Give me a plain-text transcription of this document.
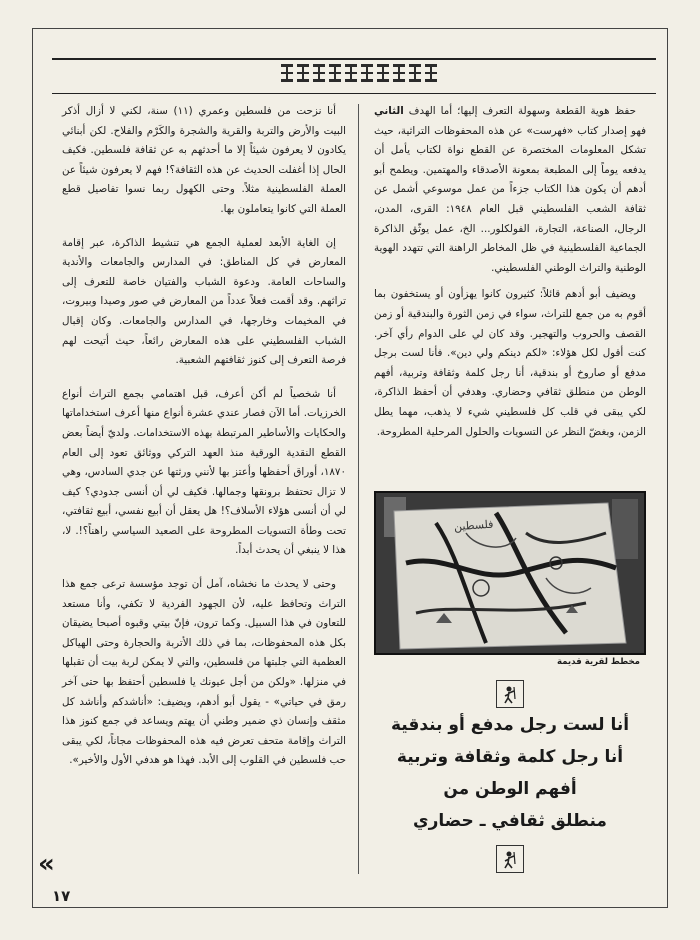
حفظ هوية القطعة وسهولة التعرف إليها؛ أما الهدف الثاني فهو إصدار كتاب «فهرست» عن هذه المحفوظات التراثية، حيث تشكل المعلومات المختصرة عن القطع نواة لكتاب يأمل أن يدفعه يوماً إلى المطبعة بمعونة الأصدقاء والمهتمين. ويطمح أبو أدهم أن يكون هذا الكتاب جزءاً من عمل موسوعي أشمل عن ثقافة الشعب الفلسطيني قبل العام ١٩٤٨: القرى، المدن، الرجال، الصناعة، التجارة، الفولكلور... الخ، عمل يوثّق الذاكرة الجماعية الفلسطينية في ظل المخاطر الراهنة التي تتهدد الهوية الوطنية والتراث الوطني الفلسطيني.

ويضيف أبو أدهم قائلاً: كثيرون كانوا يهزأون أو يستخفون بما أقوم به من جمع للتراث، سواء في زمن الثورة والبندقية أو زمن القصف والحروب والتهجير. وقد كان لي على الدوام رأي آخر. كنت أقول لكل هؤلاء: «لكم دينكم ولي دين». فأنا لست برجل مدفع أو صاروخ أو بندقية، أنا رجل كلمة وثقافة وتربية، أفهم الوطن من منطلق ثقافي وحضاري. وهدفي أن أحفظ الذاكرة، لكي يبقى في قلب كل فلسطيني شيء لا يذهب، مهما يطل الزمن، وبغضّ النظر عن التسويات والحلول المرحلية المطروحة.

أنا نزحت من فلسطين وعمري (١١) سنة، لكني لا أزال أذكر البيت والأرض والتربة والقرية والشجرة والكَرْم والفلاح. لكن أبنائي يكادون لا يعرفون شيئاً إلا ما أحدثهم به عن ثقافة فلسطين. فكيف الحال إذا أغفلت الحديث عن هذه الثقافة؟! فهم لا يعرفون شيئاً عن العملة الفلسطينية مثلاً. وحتى الكهول ربما نسوا تفاصيل قطع العملة التي كانوا يتعاملون بها.

إن الغاية الأبعد لعملية الجمع هي تنشيط الذاكرة، عبر إقامة المعارض في كل المناطق: في المدارس والجامعات والأندية والساحات العامة. ودعوة الشباب والفتيان خاصة للتعرف إلى تراثهم. وقد أقمت فعلاً عدداً من المعارض في صور وصيدا وبيروت، في المخيمات وخارجها، في المدارس والجامعات. وكان إقبال الشباب الفلسطيني على هذه المعارض رائعاً، حيث أتيحت لهم فرصة التعرف إلى كنوز ثقافتهم الشعبية.

أنا شخصياً لم أكن أعرف، قبل اهتمامي بجمع التراث أنواع الخرزيات. أما الآن فصار عندي عشرة أنواع منها أعرف استخداماتها والحكايات والأساطير المرتبطة بهذه الاستخدامات. ولديّ أيضاً بعض القطع النقدية الورقية منذ العهد التركي ووثائق تعود إلى العام ١٨٧٠، أوراق أحفظها وأعتز بها لأنني ورثتها عن جدي السادس، وهي لا تزال تحتفظ برونقها وجمالها. فكيف لي أن أنسى جدودي؟ كيف لي أن أنسى هؤلاء الأسلاف؟! هل يعقل أن أبيع نفسي، أبيع ثقافتي، تحت وطأة التسويات المطروحة على الصعيد السياسي راهناً؟!. لا، هذا لا ينبغي أن يحدث أبداً.

وحتى لا يحدث ما نخشاه، آمل أن توجد مؤسسة ترعى جمع هذا التراث وتحافظ عليه، لأن الجهود الفردية لا تكفي، وأنا مستعد للتعاون في هذا السبيل. وكما ترون، فإنّ بيتي وقبوه أصبحا يضيقان بكل هذه المحفوظات، بما في ذلك الأتربة والحجارة وحتى الهياكل العظمية التي جلبتها من فلسطين، والتي لا يمكن لربة بيت أن تقبلها في منزلها. «ولكن من أجل عيونك يا فلسطين أحتفظ بها حتى آخر رمق في حياتي» - يقول أبو أدهم، ويضيف: «أناشدكم وأناشد كل مثقف وإنسان ذي ضمير وطني أن يهتم ويساعد في جمع كنوز هذا التراث وإقامة متحف تعرض فيه هذه المحفوظات مجاناً، لكي يبقى حب فلسطين في القلوب إلى الأبد. فهذا هو هدفي الأول والأخير».

فلسطين
مخطط لقرية قديمة
أنا لست رجل مدفع أو بندقية
أنا رجل كلمة وثقافة وتربية
أفهم الوطن من
منطلق ثقافي ـ حضاري
«
١٧
